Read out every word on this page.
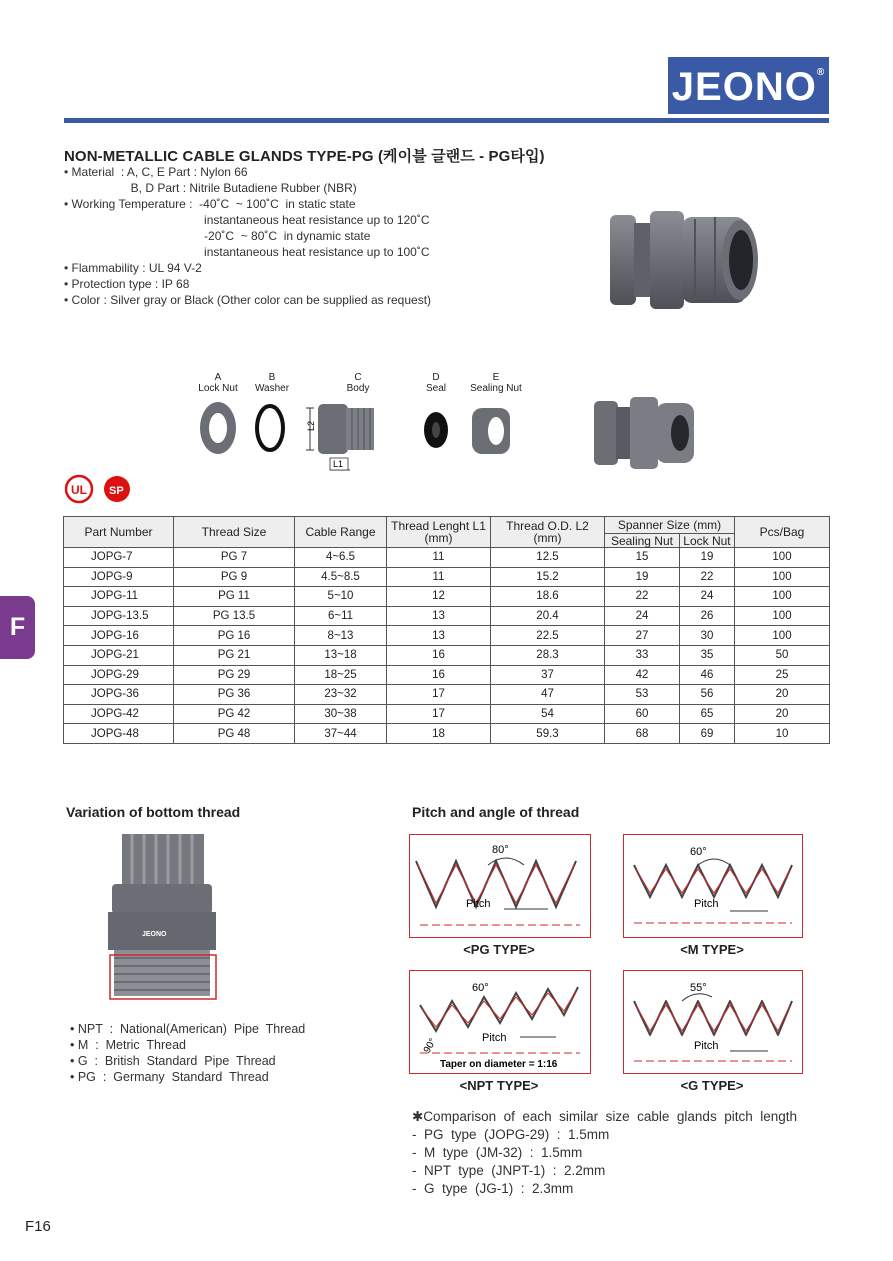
JEONO®
NON-METALLIC CABLE GLANDS TYPE-PG (케이블 글랜드 - PG타입)
• Material  : A, C, E Part : Nylon 66
B, D Part : Nitrile Butadiene Rubber (NBR)
• Working Temperature :  -40˚C  ~ 100˚C  in static state
instantaneous heat resistance up to 120˚C
-20˚C  ~ 80˚C  in dynamic state
instantaneous heat resistance up to 100˚C
• Flammability : UL 94 V-2
• Protection type : IP 68
• Color : Silver gray or Black (Other color can be supplied as request)
A
Lock Nut
B
Washer
C
Body
D
Seal
E
Sealing Nut
L2
L1
UL SP
F
Part Number	Thread Size	Cable Range	Thread Lenght L1 (mm)	Thread O.D. L2 (mm)	Spanner Size (mm)		Pcs/Bag
					Sealing Nut	Lock Nut	
JOPG-7	PG 7	4~6.5	11	12.5	15	19	100
JOPG-9	PG 9	4.5~8.5	11	15.2	19	22	100
JOPG-11	PG 11	5~10	12	18.6	22	24	100
JOPG-13.5	PG 13.5	6~11	13	20.4	24	26	100
JOPG-16	PG 16	8~13	13	22.5	27	30	100
JOPG-21	PG 21	13~18	16	28.3	33	35	50
JOPG-29	PG 29	18~25	16	37	42	46	25
JOPG-36	PG 36	23~32	17	47	53	56	20
JOPG-42	PG 42	30~38	17	54	60	65	20
JOPG-48	PG 48	37~44	18	59.3	68	69	10
Variation of bottom thread
JEONO
• NPT  :  National(American)  Pipe  Thread
• M  :  Metric  Thread
• G  :  British  Standard  Pipe  Thread
• PG  :  Germany  Standard  Thread
Pitch and angle of thread
80°
Pitch
<PG TYPE>
60°
Pitch
<M TYPE>
60°
90°	Pitch
Taper on diameter = 1:16
<NPT TYPE>
55°
Pitch
<G TYPE>
✱Comparison  of  each  similar  size  cable  glands  pitch  length
-  PG  type  (JOPG-29)  :  1.5mm
-  M  type  (JM-32)  :  1.5mm
-  NPT  type  (JNPT-1)  :  2.2mm
-  G  type  (JG-1)  :  2.3mm
F16
